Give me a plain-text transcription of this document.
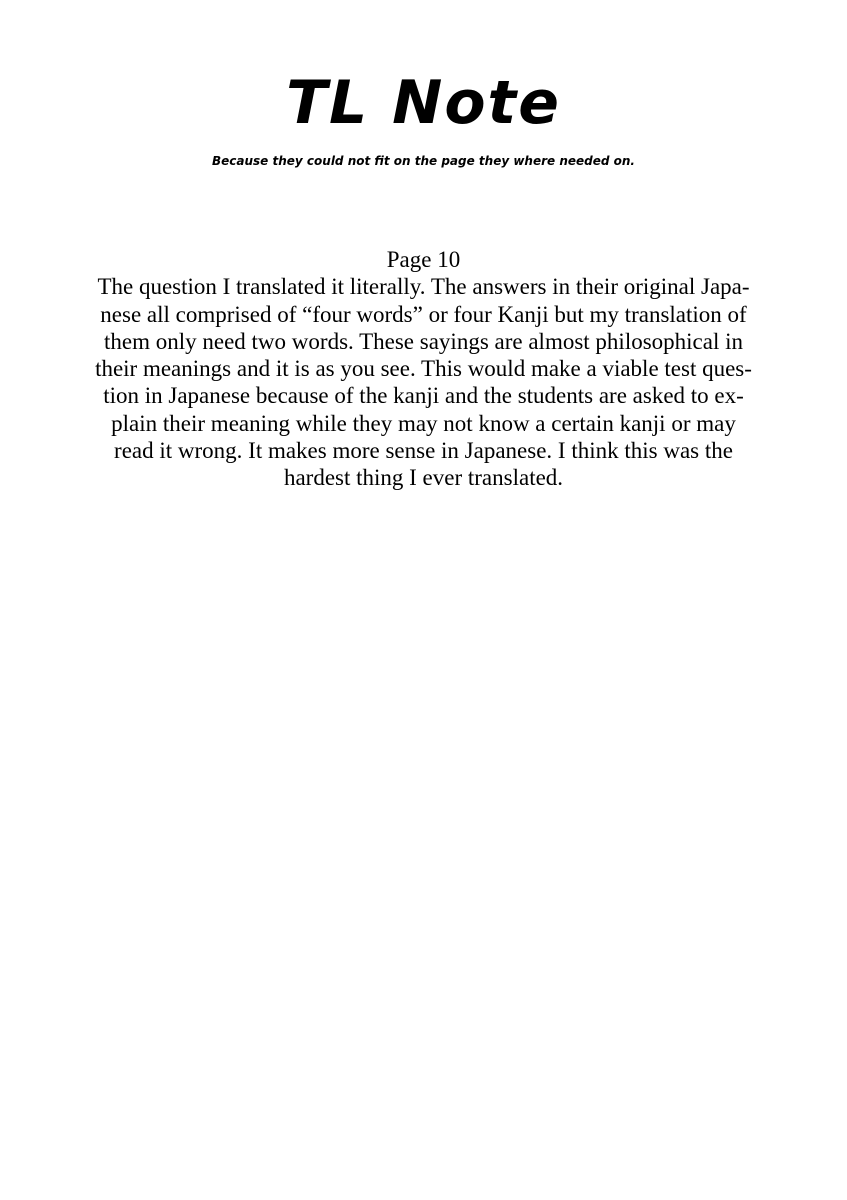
TL Note

Because they could not fit on the page they where needed on.

Page 10
The question I translated it literally. The answers in their original Japa-
nese all comprised of “four words” or four Kanji but my translation of
them only need two words. These sayings are almost philosophical in
their meanings and it is as you see. This would make a viable test ques-
tion in Japanese because of the kanji and the students are asked to ex-
plain their meaning while they may not know a certain kanji or may
read it wrong. It makes more sense in Japanese. I think this was the
hardest thing I ever translated.
